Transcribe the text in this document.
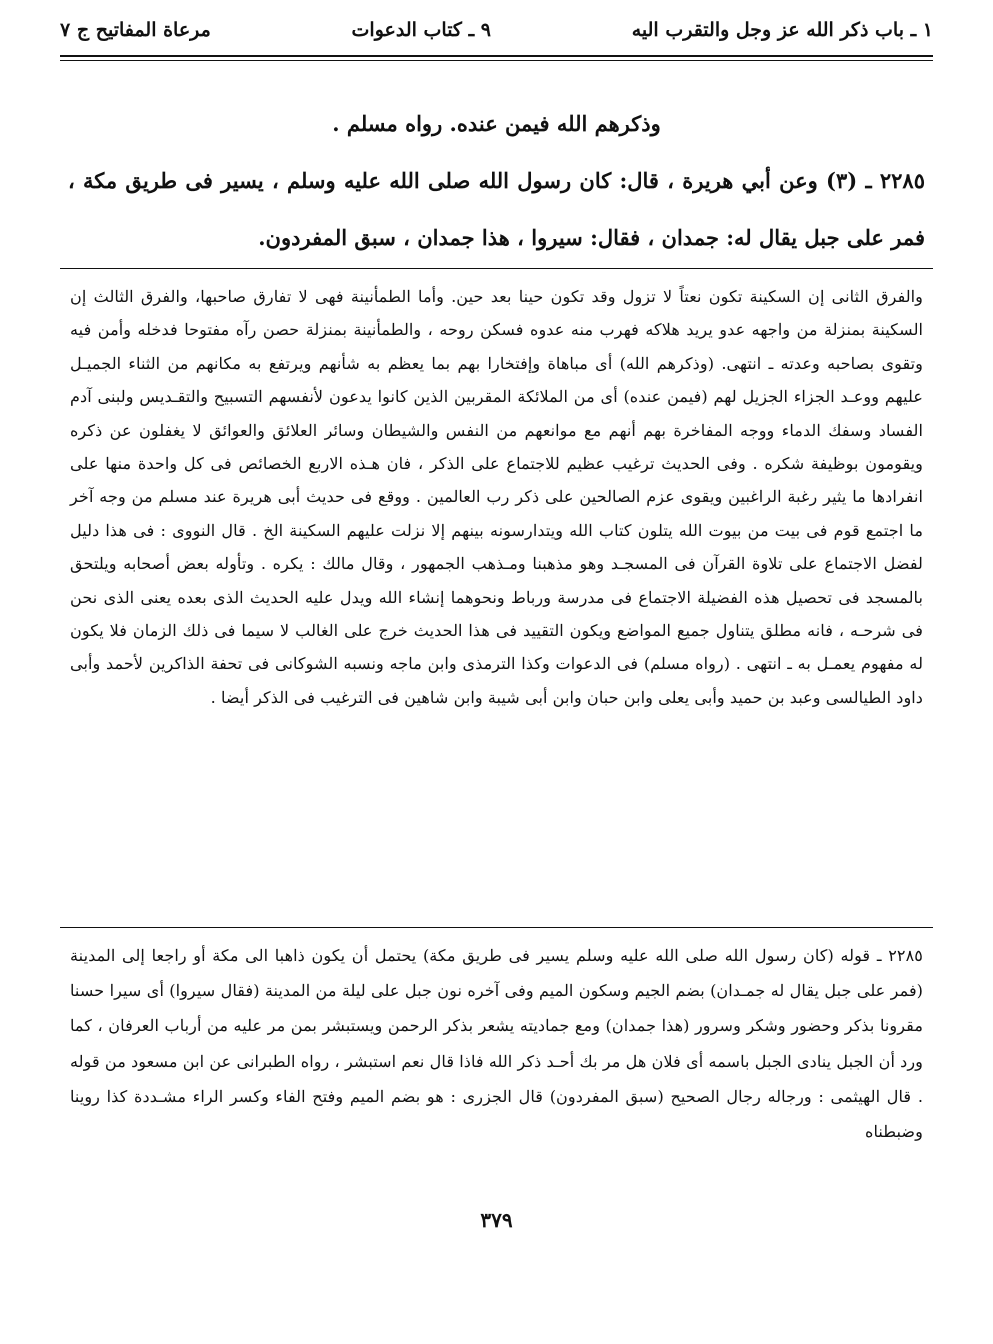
مرعاة المفاتيح ج ٧	٩ ـ كتاب الدعوات	١ ـ باب ذكر الله عز وجل والتقرب اليه

وذكرهم الله فيمن عنده. رواه مسلم .

٢٢٨٥ ـ (٣) وعن أبي هريرة ، قال: كان رسول الله صلى الله عليه وسلم ، يسير فى طريق مكة ، فمر على جبل يقال له: جمدان ، فقال: سيروا ، هذا جمدان ، سبق المفردون.

والفرق الثانى إن السكينة تكون نعتاً لا تزول وقد تكون حينا بعد حين. وأما الطمأنينة فهى لا تفارق صاحبها، والفرق الثالث إن السكينة بمنزلة من واجهه عدو يريد هلاكه فهرب منه عدوه فسكن روحه ، والطمأنينة بمنزلة حصن رآه مفتوحا فدخله وأمن فيه وتقوى بصاحبه وعدته ـ انتهى. (وذكرهم الله) أى مباهاة وإفتخارا بهم بما يعظم به شأنهم ويرتفع به مكانهم من الثناء الجميـل عليهم ووعـد الجزاء الجزيل لهم (فيمن عنده) أى من الملائكة المقربين الذين كانوا يدعون لأنفسهم التسبيح والتقـديس ولبنى آدم الفساد وسفك الدماء ووجه المفاخرة بهم أنهم مع موانعهم من النفس والشيطان وسائر العلائق والعوائق لا يغفلون عن ذكره ويقومون بوظيفة شكره . وفى الحديث ترغيب عظيم للاجتماع على الذكر ، فان هـذه الاربع الخصائص فى كل واحدة منها على انفرادها ما يثير رغبة الراغبين ويقوى عزم الصالحين على ذكر رب العالمين . ووقع فى حديث أبى هريرة عند مسلم من وجه آخر ما اجتمع قوم فى بيت من بيوت الله يتلون كتاب الله ويتدارسونه بينهم إلا نزلت عليهم السكينة الخ . قال النووى : فى هذا دليل لفضل الاجتماع على تلاوة القرآن فى المسجـد وهو مذهبنا ومـذهب الجمهور ، وقال مالك : يكره . وتأوله بعض أصحابه ويلتحق بالمسجد فى تحصيل هذه الفضيلة الاجتماع فى مدرسة ورباط ونحوهما إنشاء الله ويدل عليه الحديث الذى بعده يعنى الذى نحن فى شرحـه ، فانه مطلق يتناول جميع المواضع ويكون التقييد فى هذا الحديث خرج على الغالب لا سيما فى ذلك الزمان فلا يكون له مفهوم يعمـل به ـ انتهى . (رواه مسلم) فى الدعوات وكذا الترمذى وابن ماجه ونسبه الشوكانى فى تحفة الذاكرين لأحمد وأبى داود الطيالسى وعبد بن حميد وأبى يعلى وابن حبان وابن أبى شيبة وابن شاهين فى الترغيب فى الذكر أيضا .

٢٢٨٥ ـ قوله (كان رسول الله صلى الله عليه وسلم يسير فى طريق مكة) يحتمل أن يكون ذاهبا الى مكة أو راجعا إلى المدينة (فمر على جبل يقال له جمـدان) بضم الجيم وسكون الميم وفى آخره نون جبل على ليلة من المدينة (فقال سيروا) أى سيرا حسنا مقرونا بذكر وحضور وشكر وسرور (هذا جمدان) ومع جماديته يشعر بذكر الرحمن ويستبشر بمن مر عليه من أرباب العرفان ، كما ورد أن الجبل ينادى الجبل باسمه أى فلان هل مر بك أحـد ذكر الله فاذا قال نعم استبشر ، رواه الطبرانى عن ابن مسعود من قوله . قال الهيثمى : ورجاله رجال الصحيح (سبق المفردون) قال الجزرى : هو بضم الميم وفتح الفاء وكسر الراء مشـددة كذا روينا وضبطناه

٣٧٩
